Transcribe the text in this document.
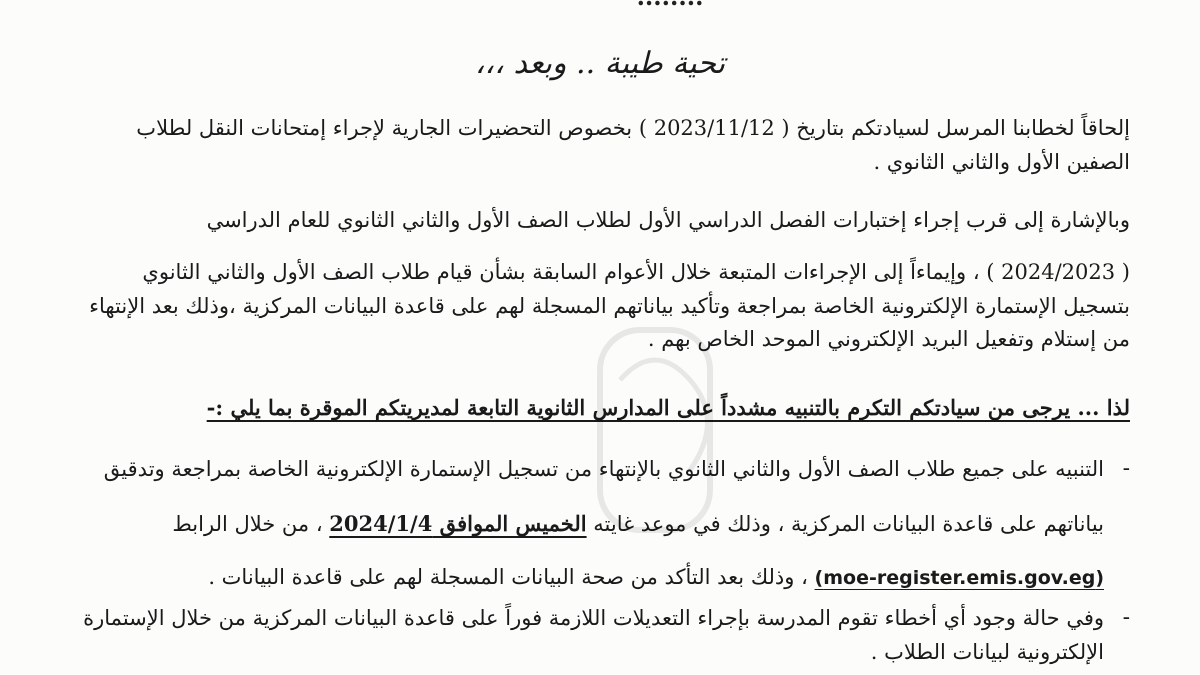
تحية طيبة .. وبعد ،،،
إلحاقاً لخطابنا المرسل لسيادتكم بتاريخ ( 2023/11/12 ) بخصوص التحضيرات الجارية لإجراء إمتحانات النقل لطلاب
الصفين الأول والثاني الثانوي .
وبالإشارة إلى قرب إجراء إختبارات الفصل الدراسي الأول لطلاب الصف الأول والثاني الثانوي للعام الدراسي
( 2024/2023 ) ، وإيماءاً إلى الإجراءات المتبعة خلال الأعوام السابقة بشأن قيام طلاب الصف الأول والثاني الثانوي
بتسجيل الإستمارة الإلكترونية الخاصة بمراجعة وتأكيد بياناتهم المسجلة لهم على قاعدة البيانات المركزية ،وذلك بعد الإنتهاء
من إستلام وتفعيل البريد الإلكتروني الموحد الخاص بهم .
لذا ... يرجى من سيادتكم التكرم بالتنبيه مشدداً على المدارس الثانوية التابعة لمديريتكم الموقرة بما يلي :-
-
التنبيه على جميع طلاب الصف الأول والثاني الثانوي بالإنتهاء من تسجيل الإستمارة الإلكترونية الخاصة بمراجعة وتدقيق
بياناتهم على قاعدة البيانات المركزية ، وذلك في موعد غايته الخميس الموافق 2024/1/4 ، من خلال الرابط
(moe-register.emis.gov.eg) ، وذلك بعد التأكد من صحة البيانات المسجلة لهم على قاعدة البيانات .
-
وفي حالة وجود أي أخطاء تقوم المدرسة بإجراء التعديلات اللازمة فوراً على قاعدة البيانات المركزية من خلال الإستمارة
الإلكترونية لبيانات الطلاب .
